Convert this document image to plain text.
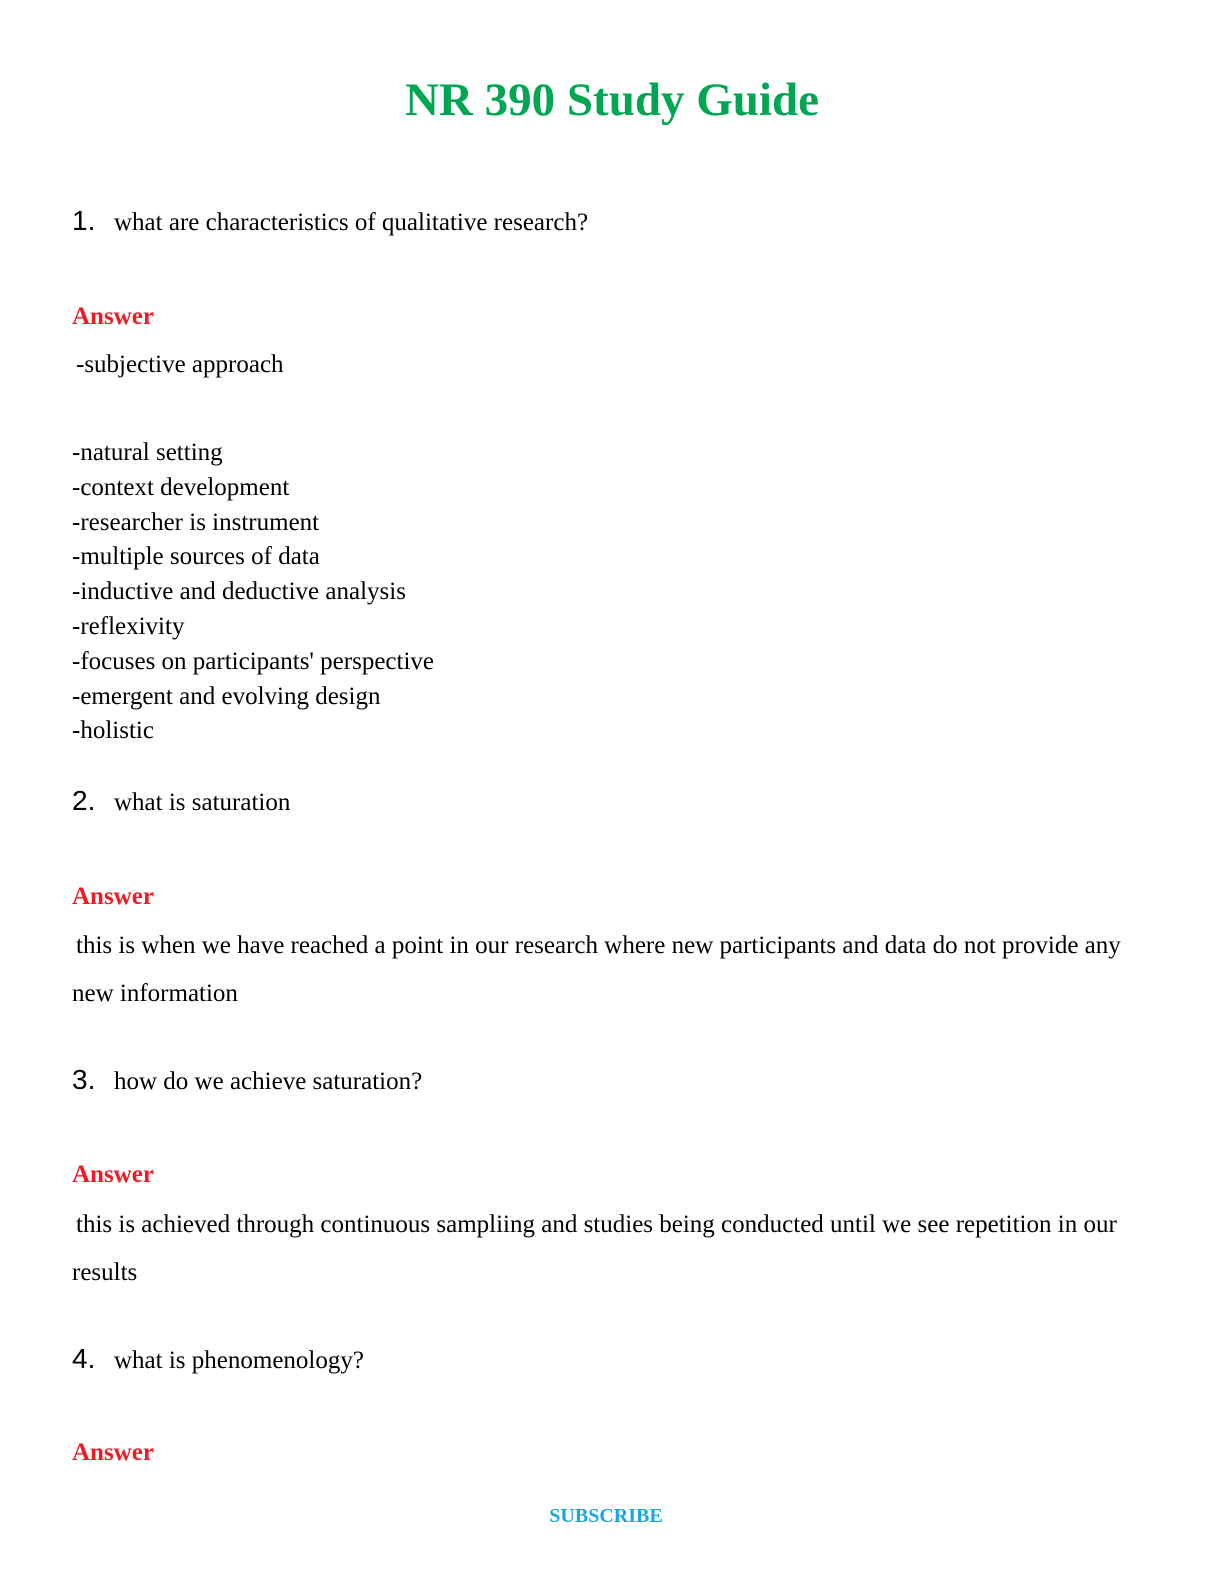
NR 390 Study Guide
1. what are characteristics of qualitative research?
Answer
-subjective approach
-natural setting
-context development
-researcher is instrument
-multiple sources of data
-inductive and deductive analysis
-reflexivity
-focuses on participants' perspective
-emergent and evolving design
-holistic
2. what is saturation
Answer
this is when we have reached a point in our research where new participants and data do not provide any new information
3. how do we achieve saturation?
Answer
this is achieved through continuous sampliing and studies being conducted until we see repetition in our results
4. what is phenomenology?
Answer
SUBSCRIBE
